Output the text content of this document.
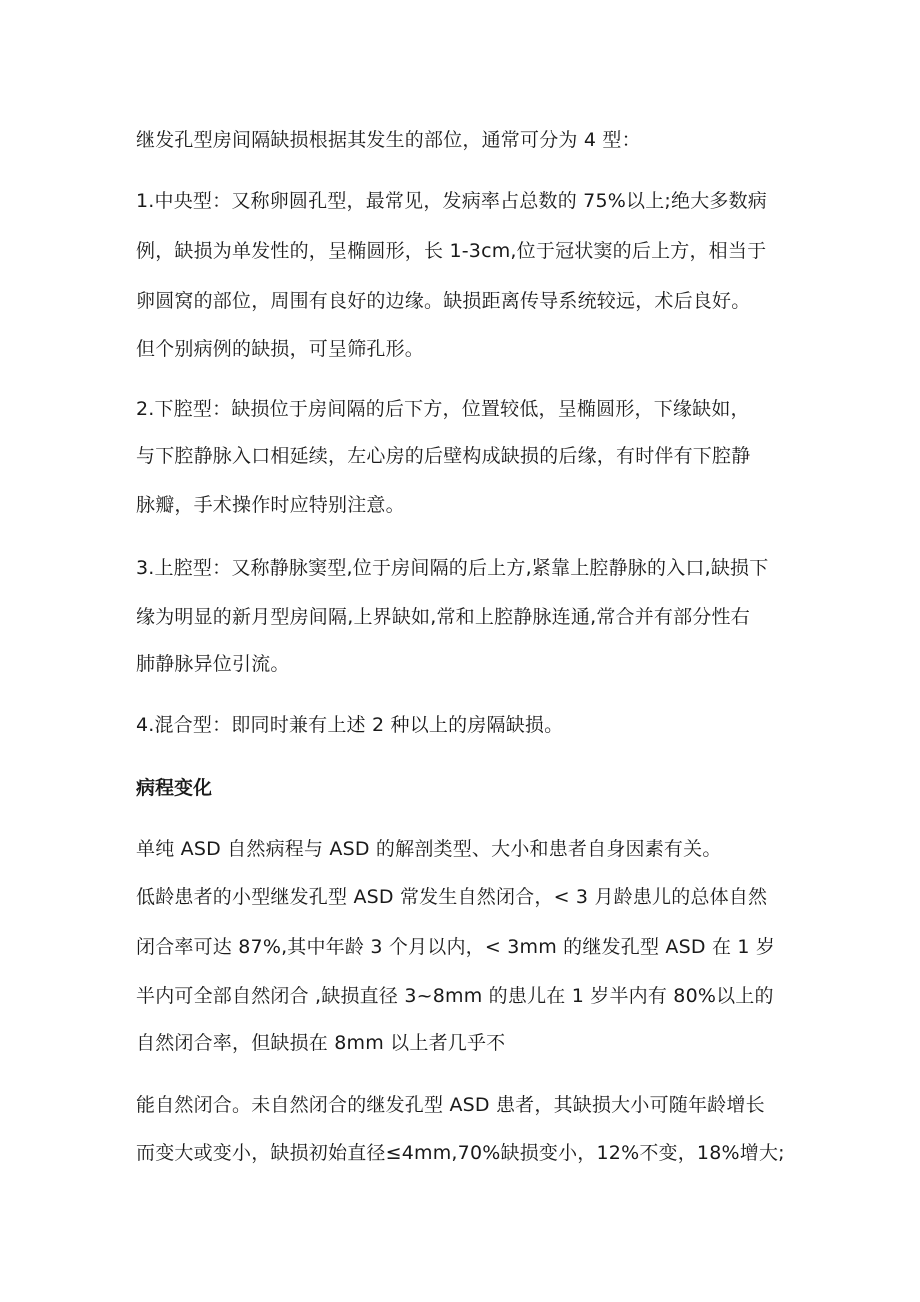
继发孔型房间隔缺损根据其发生的部位，通常可分为 4 型：
1.中央型：又称卵圆孔型，最常见，发病率占总数的 75%以上;绝大多数病
例，缺损为单发性的，呈椭圆形，长 1-3cm,位于冠状窦的后上方，相当于
卵圆窝的部位，周围有良好的边缘。缺损距离传导系统较远，术后良好。
但个别病例的缺损，可呈筛孔形。
2.下腔型：缺损位于房间隔的后下方，位置较低，呈椭圆形，下缘缺如，
与下腔静脉入口相延续，左心房的后壁构成缺损的后缘，有时伴有下腔静
脉瓣，手术操作时应特别注意。
3.上腔型：又称静脉窦型,位于房间隔的后上方,紧靠上腔静脉的入口,缺损下
缘为明显的新月型房间隔,上界缺如,常和上腔静脉连通,常合并有部分性右
肺静脉异位引流。
4.混合型：即同时兼有上述 2 种以上的房隔缺损。
病程变化
单纯 ASD 自然病程与 ASD 的解剖类型、大小和患者自身因素有关。
低龄患者的小型继发孔型 ASD 常发生自然闭合，< 3 月龄患儿的总体自然
闭合率可达 87%,其中年龄 3 个月以内，< 3mm 的继发孔型 ASD 在 1 岁
半内可全部自然闭合 ,缺损直径 3~8mm 的患儿在 1 岁半内有 80%以上的
自然闭合率，但缺损在 8mm 以上者几乎不
能自然闭合。未自然闭合的继发孔型 ASD 患者，其缺损大小可随年龄增长
而变大或变小，缺损初始直径≤4mm,70%缺损变小，12%不变，18%增大;
